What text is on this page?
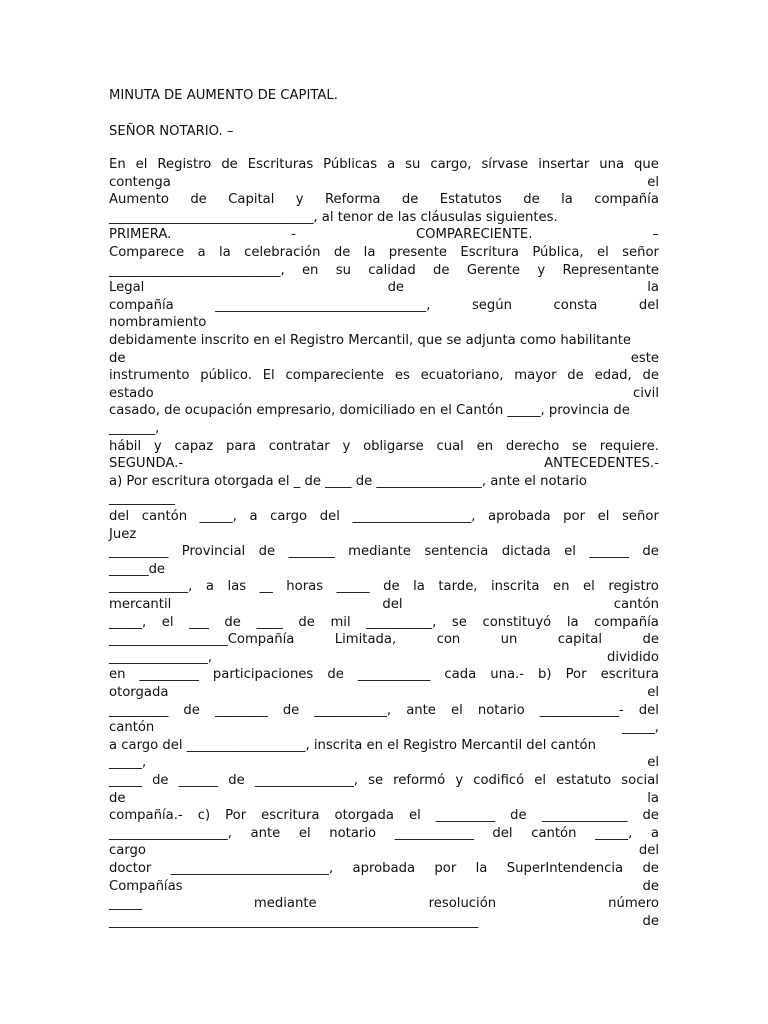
MINUTA DE AUMENTO DE CAPITAL.
SEÑOR NOTARIO. –
En el Registro de Escrituras Públicas a su cargo, sírvase insertar una que
contenga	el
Aumento de Capital y Reforma de Estatutos de la compañía
_______________________________, al tenor de las cláusulas siguientes.
PRIMERA.	-	COMPARECIENTE.	–
Comparece a la celebración de la presente Escritura Pública, el señor
__________________________, en su calidad de Gerente y Representante
Legal	de	la
compañía	________________________________,	según	consta	del
nombramiento
debidamente inscrito en el Registro Mercantil, que se adjunta como habilitante
de	este
instrumento público. El compareciente es ecuatoriano, mayor de edad, de
estado	civil
casado, de ocupación empresario, domiciliado en el Cantón _____, provincia de
_______,
hábil y capaz para contratar y obligarse cual en derecho se requiere.
SEGUNDA.-	ANTECEDENTES.-
a) Por escritura otorgada el _ de ____ de ________________, ante el notario
__________
del cantón _____, a cargo del __________________, aprobada por el señor
Juez
_________ Provincial de _______ mediante sentencia dictada el ______ de
______de
____________, a las __ horas _____ de la tarde, inscrita en el registro
mercantil	del	cantón
_____, el ___ de ____ de mil __________, se constituyó la compañía
__________________Compañía	Limitada,	con	un	capital	de
_______________,	dividido
en _________ participaciones de ___________ cada una.- b) Por escritura
otorgada	el
_________ de ________ de ___________, ante el notario ____________- del
cantón	_____,
a cargo del __________________, inscrita en el Registro Mercantil del cantón
_____,	el
_____ de ______ de _______________, se reformó y codificó el estatuto social
de	la
compañía.- c) Por escritura otorgada el _________ de _____________ de
__________________, ante el notario ____________ del cantón _____, a
cargo	del
doctor ________________________, aprobada por la SuperIntendencia de
Compañías	de
_____	mediante	resolución	número
________________________________________________________	de
